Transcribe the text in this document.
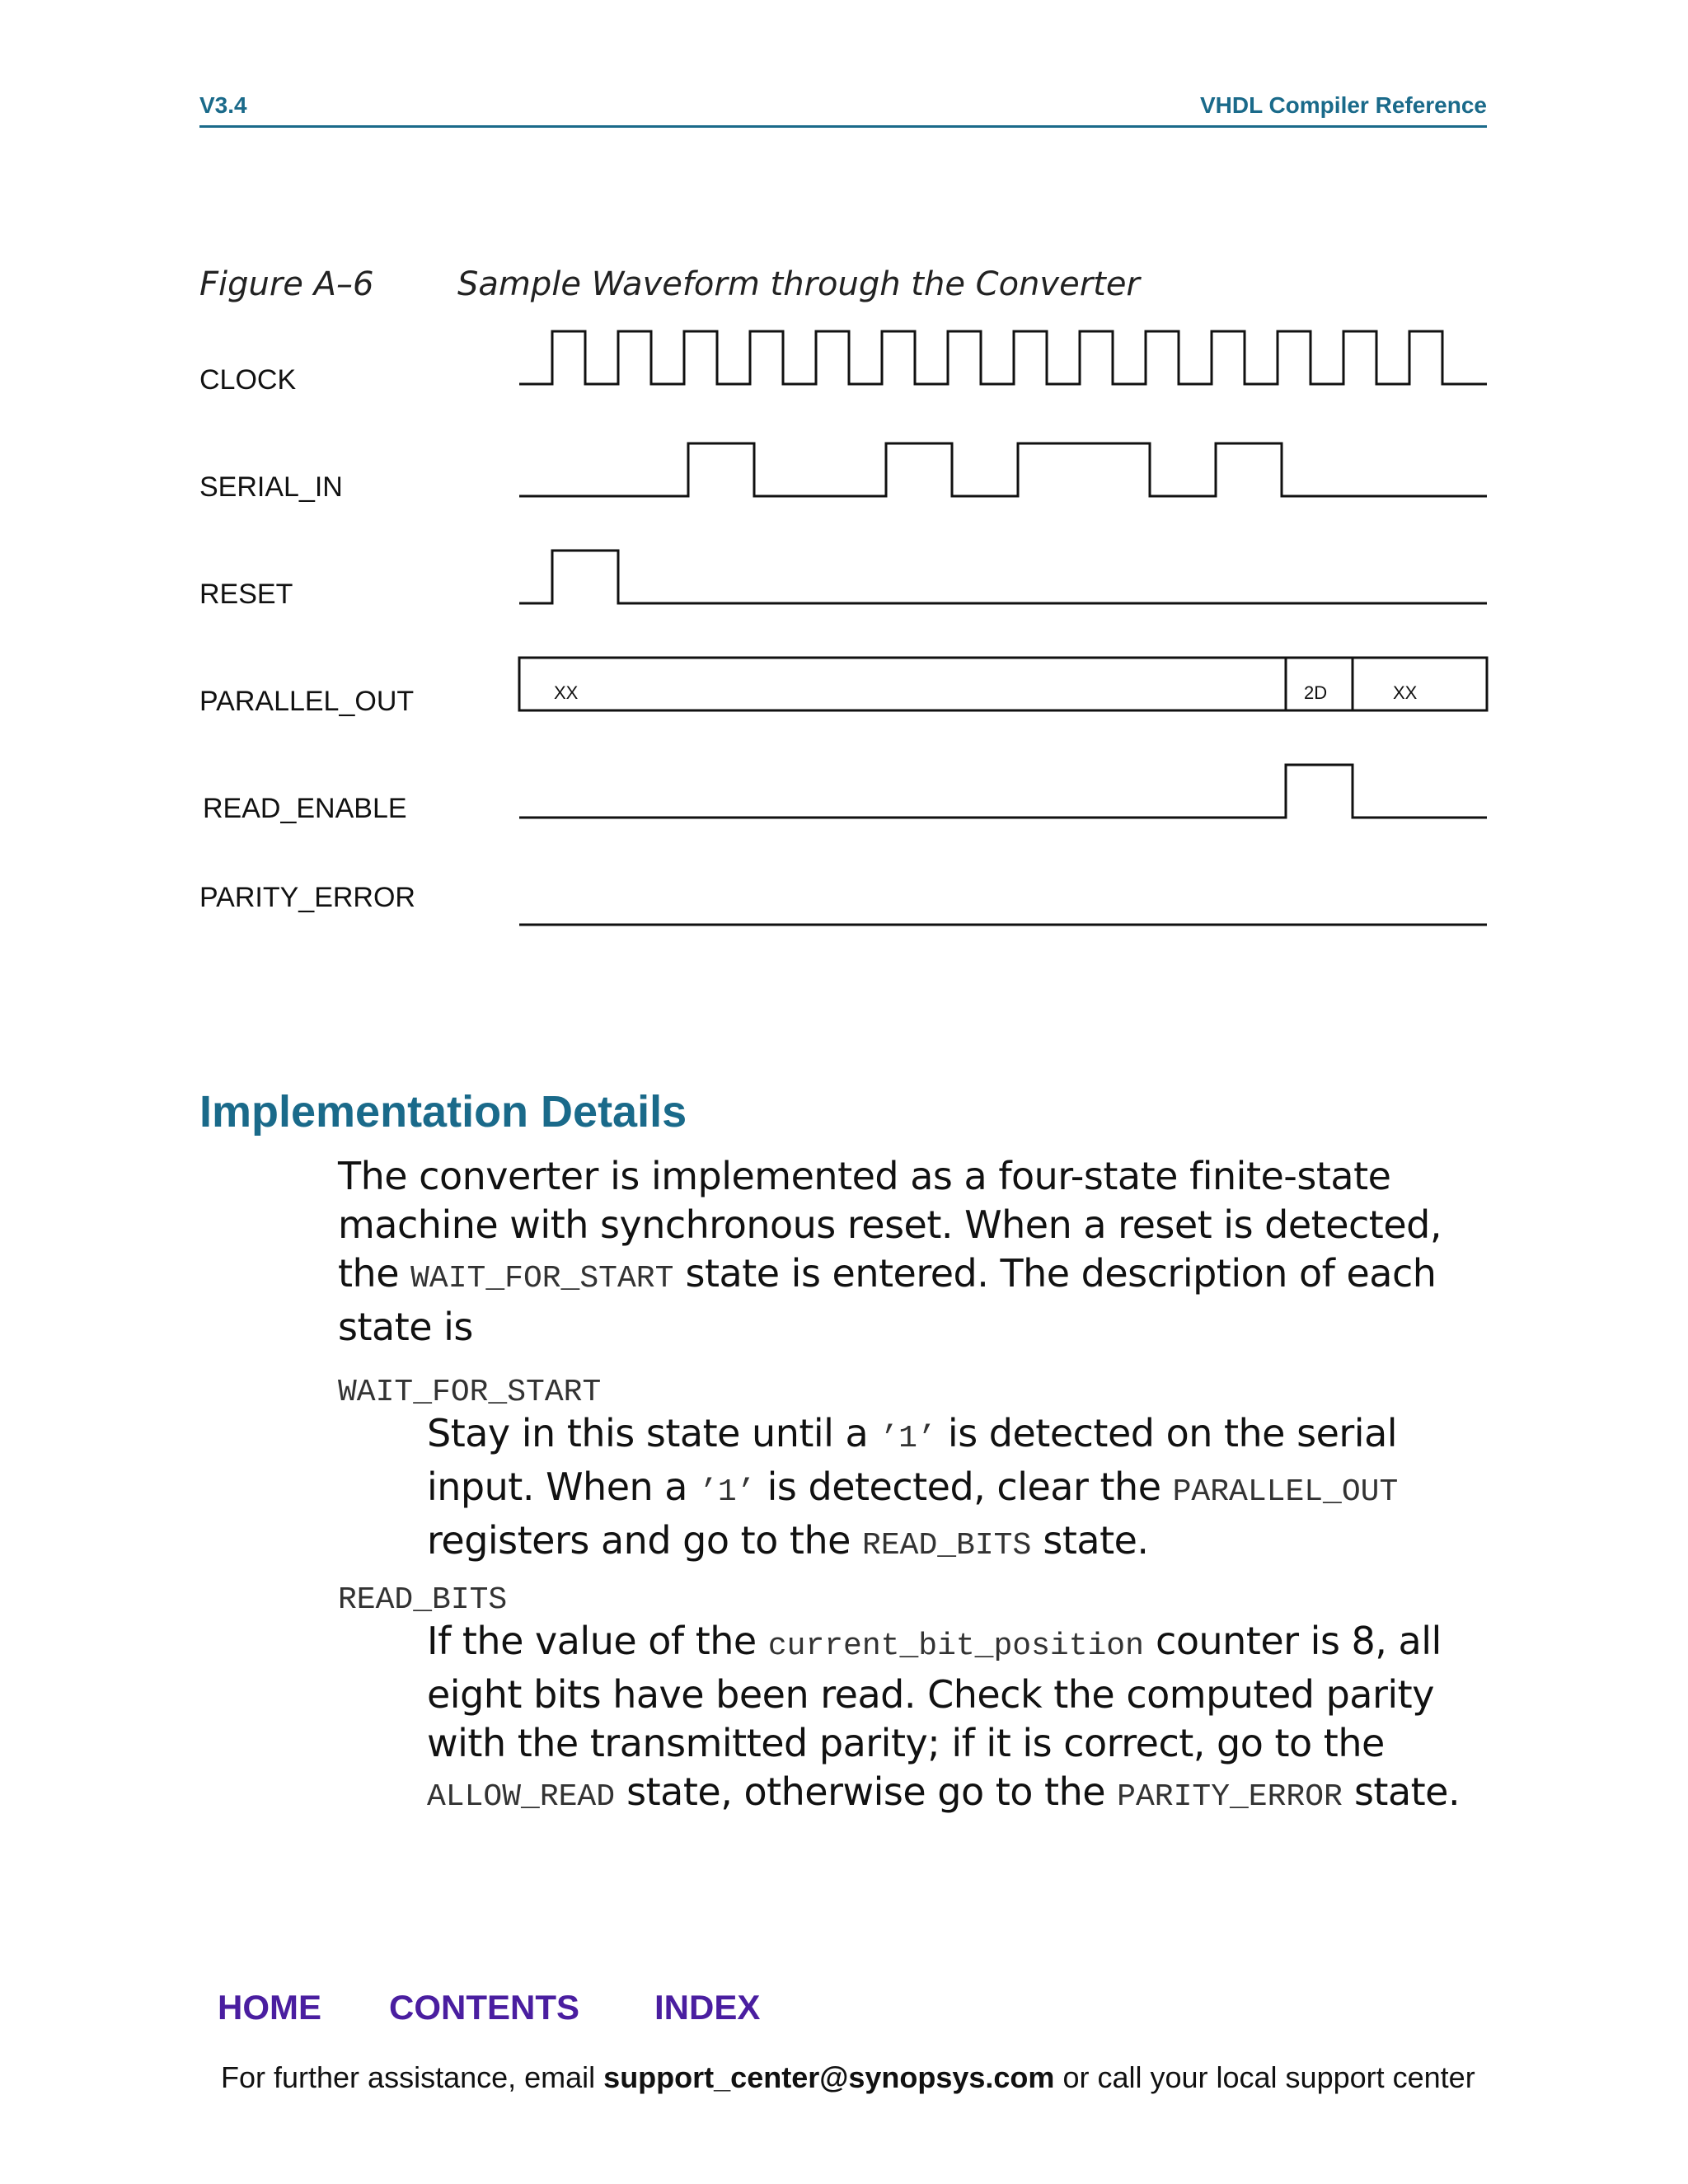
V3.4	VHDL Compiler Reference
Figure A–6	Sample Waveform through the Converter
CLOCK
SERIAL_IN
RESET
PARALLEL_OUT
READ_ENABLE
PARITY_ERROR
XX	2D	XX
Implementation Details
The converter is implemented as a four-state finite-state machine with synchronous reset. When a reset is detected, the WAIT_FOR_START state is entered. The description of each state is
WAIT_FOR_START
Stay in this state until a ’1’ is detected on the serial input. When a ’1’ is detected, clear the PARALLEL_OUT registers and go to the READ_BITS state.
READ_BITS
If the value of the current_bit_position counter is 8, all eight bits have been read. Check the computed parity with the transmitted parity; if it is correct, go to the ALLOW_READ state, otherwise go to the PARITY_ERROR state.
HOME CONTENTS INDEX
For further assistance, email support_center@synopsys.com or call your local support center
